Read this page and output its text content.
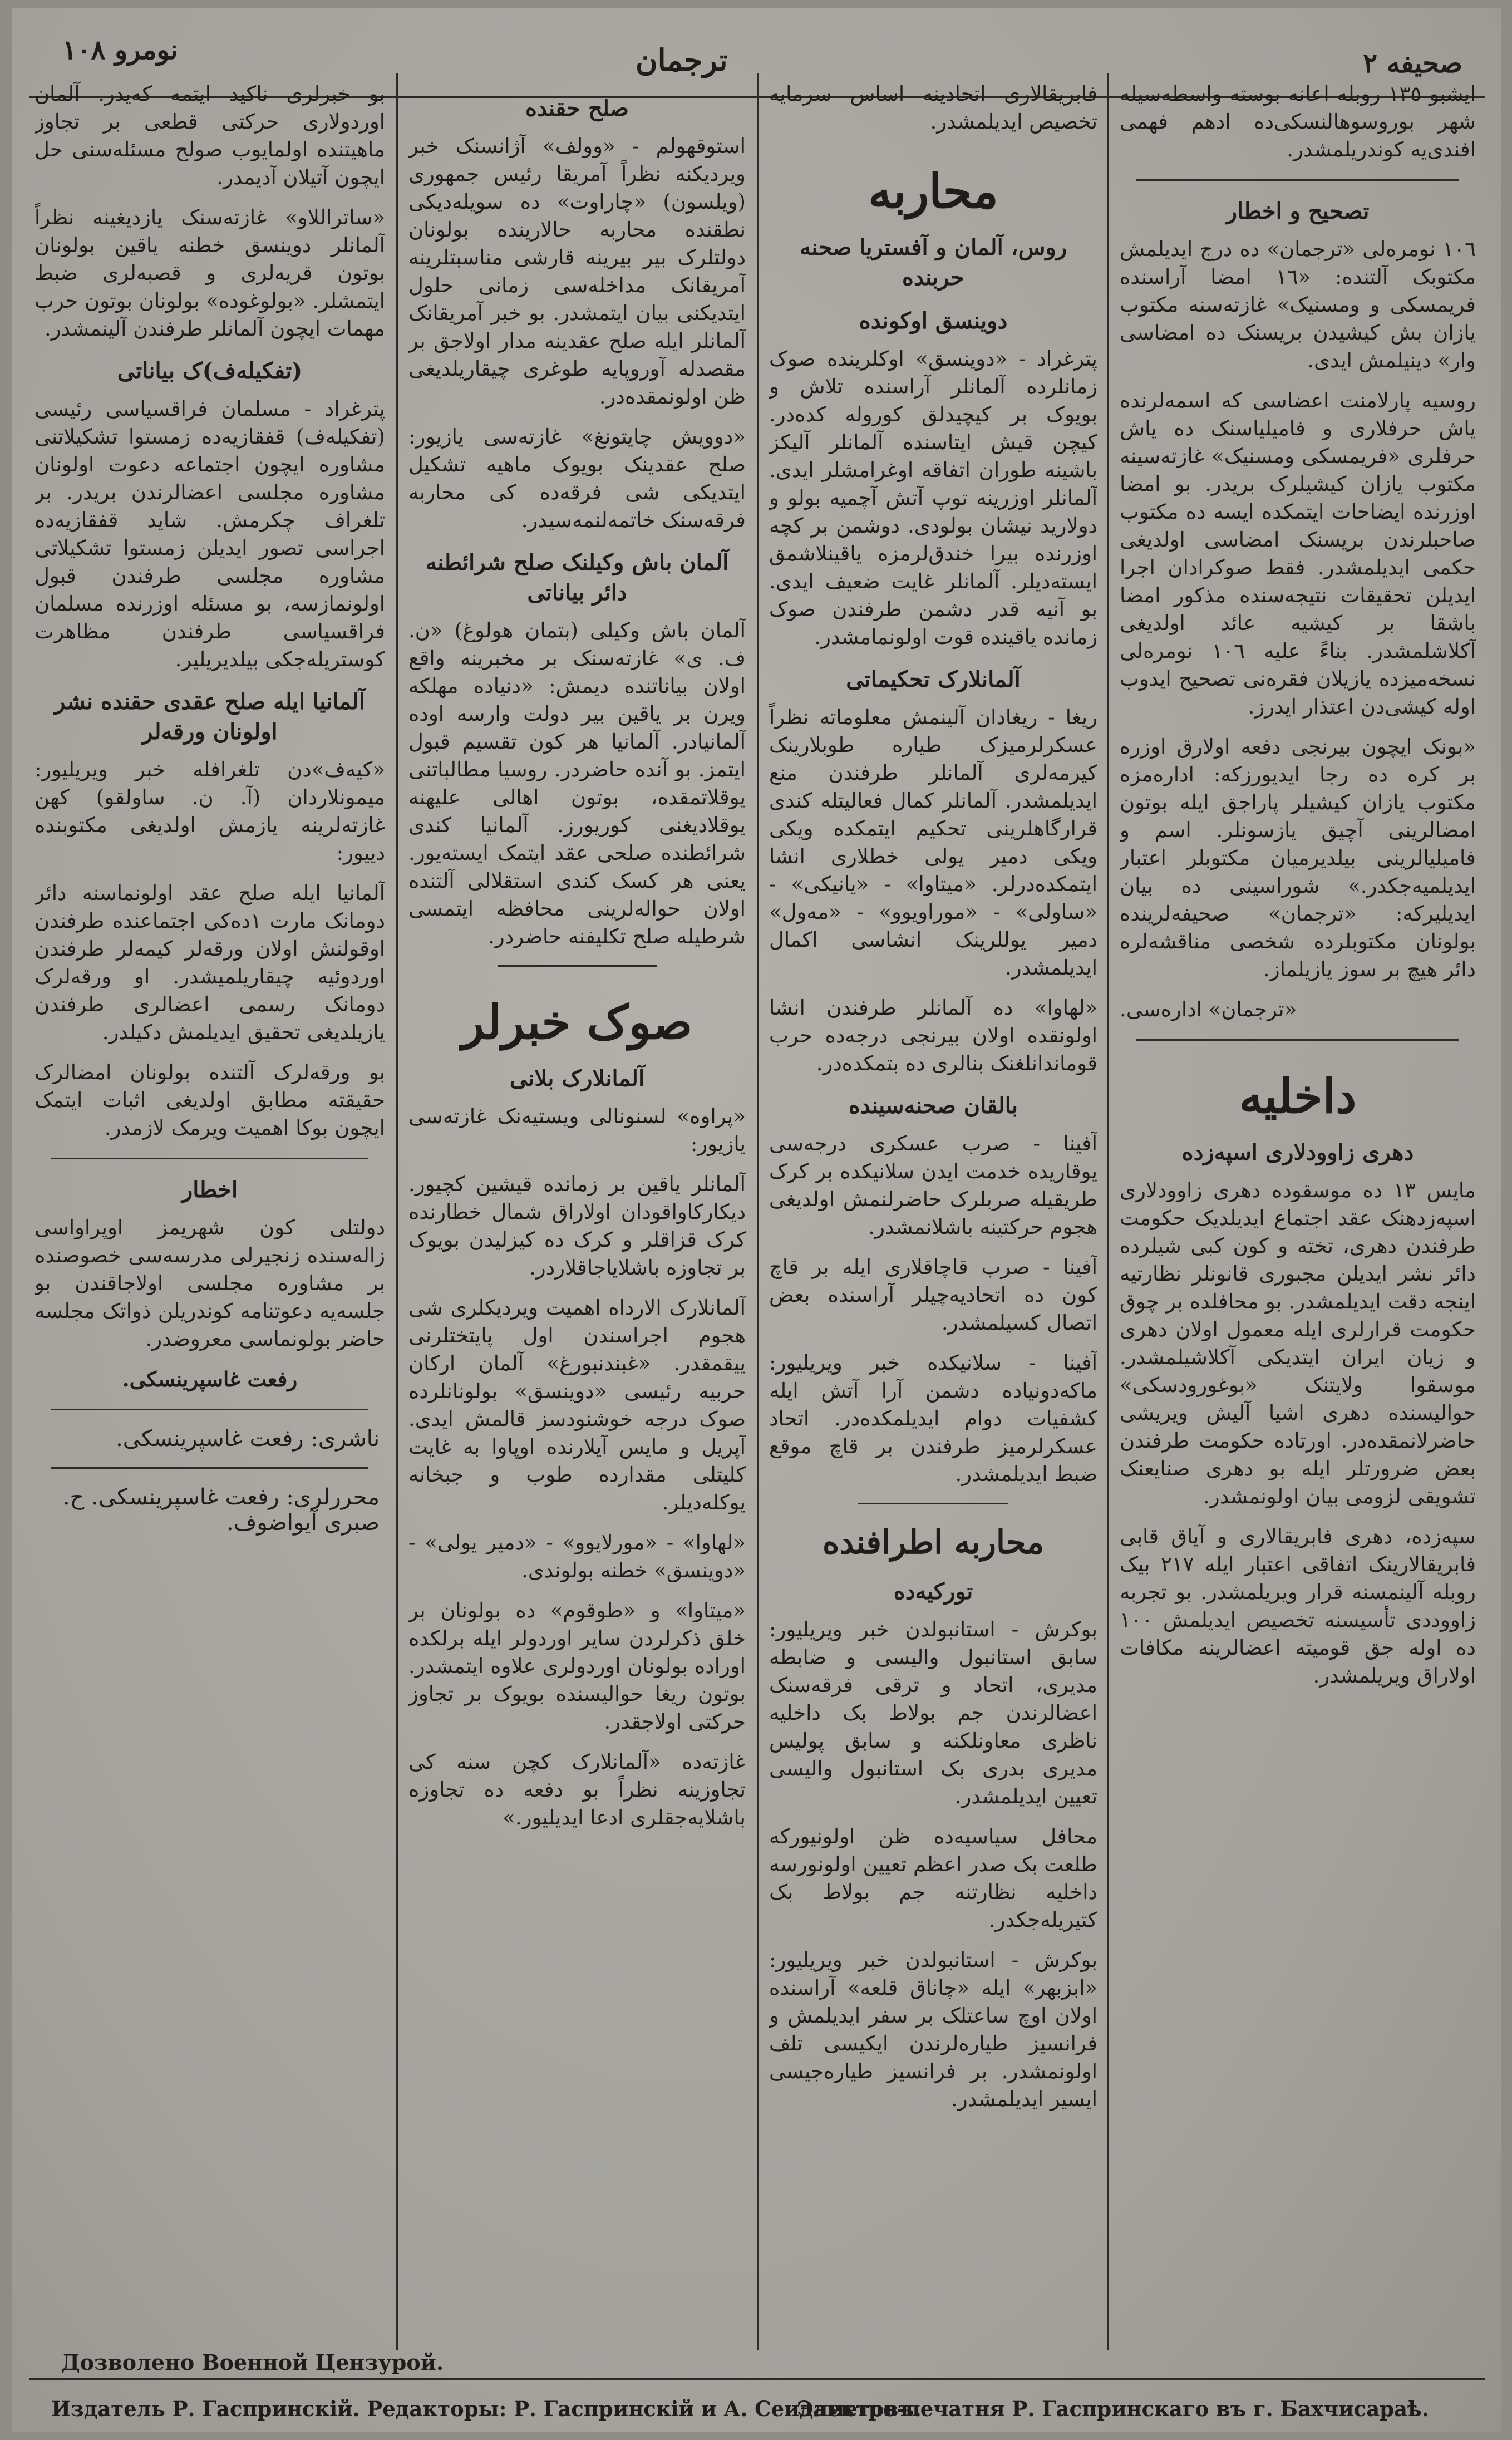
نومرو ١٠٨	ترجمان	صحیفه ٢

ایشبو ١٣٥ روبله اعانه بوسته واسطه‌سیله شهر بوروسوهالنسکی‌ده ادهم فهمی افندی‌یه کوندریلمشدر.

تصحیح و اخطار

١٠٦ نومره‌لی «ترجمان» ده درج ایدیلمش مکتوبک آلتنده: «١٦ امضا آراسنده فریمسکی و ومسنیک» غازته‌سنه مکتوب یازان بش کیشیدن بریسنک ده امضاسی وار» دینیلمش ایدی.

روسیه پارلامنت اعضاسی که اسمه‌لرنده یاش حرفلاری و فامیلیاسنک ده یاش حرفلری «فریمسکی ومسنیک» غازته‌سینه مکتوب یازان کیشیلرک بریدر. بو امضا اوزرنده ایضاحات ایتمکده ایسه ده مکتوب صاحبلرندن بریسنک امضاسی اولدیغی حکمی ایدیلمشدر. فقط صوکرادان اجرا ایدیلن تحقیقات نتیجه‌سنده مذکور امضا باشقا بر کیشیه عائد اولدیغی آکلاشلمشدر. بناءً علیه ١٠٦ نومره‌لی نسخه‌میزده یازیلان فقره‌نی تصحیح ایدوب اوله کیشی‌دن اعتذار ایدرز.

«بونک ایچون بیرنجی دفعه اولارق اوزره بر کره ده رجا ایدیورزکه: اداره‌مزه مکتوب یازان کیشیلر پاراجق ایله بوتون امضالرینی آچیق یازسونلر. اسم و فامیلیالرینی بیلدیرمیان مکتوبلر اعتبار ایدیلمیه‌جکدر.» شوراسینی ده بیان ایدیلیرکه: «ترجمان» صحیفه‌لرینده بولونان مکتوبلرده شخصی مناقشه‌لره دائر هیچ بر سوز یازیلماز.

«ترجمان» اداره‌سی.

داخلیه
دهری زاوودلاری اسپه‌زده

مایس ١٣ ده موسقوده دهری زاوودلاری اسپه‌زدهنک عقد اجتماع ایدیلدیک حکومت طرفندن دهری، تخته و کون کبی شیلرده دائر نشر ایدیلن مجبوری قانونلر نظارتیه اینجه دقت ایدیلمشدر. بو محافلده بر چوق حکومت قرارلری ایله معمول اولان دهری و زیان ایران ایتدیکی آکلاشیلمشدر. موسقوا ولایتنک «بوغورودسکی» حوالیسنده دهری اشیا آلیش ویریشی حاضرلانمقده‌در. اورتاده حکومت طرفندن بعض ضرورتلر ایله بو دهری صنایعنک تشویقی لزومی بیان اولونمشدر.

سپه‌زده، دهری فابریقالاری و آیاق قابی فابریقالارینک اتفاقی اعتبار ایله ٢١٧ بیک روبله آلینمسنه قرار ویریلمشدر. بو تجربه زاووددی تأسیسنه تخصیص ایدیلمش ١٠٠ ده اوله جق قومیته اعضالرینه مکافات اولاراق ویریلمشدر.

فابریقالاری اتحادینه اساس سرمایه تخصیص ایدیلمشدر.

محاربه
روس، آلمان و آفستریا صحنه حربنده
دوینسق اوکونده

پترغراد - «دوینسق» اوکلرینده صوک زمانلرده آلمانلر آراسنده تلاش و بویوک بر کیچیدلق کوروله کده‌در. کیچن قیش ایتاسنده آلمانلر آلیکز باشینه طوران اتفاقه اوغرامشلر ایدی. آلمانلر اوزرینه توپ آتش آچمیه بولو و دولارید نیشان بولودی. دوشمن بر کچه اوزرنده بیرا خندق‌لرمزه یاقینلاشمق ایسته‌دیلر. آلمانلر غایت ضعیف ایدی. بو آنیه قدر دشمن طرفندن صوک زمانده یاقینده قوت اولونمامشدر.

آلمانلارک تحکیماتی

ریغا - ریغادان آلینمش معلوماته نظراً عسکرلرمیزک طیاره طوبلارینک کیرمه‌لری آلمانلر طرفندن منع ایدیلمشدر. آلمانلر کمال فعالیتله کندی قرارگاهلرینی تحکیم ایتمکده ویکی ویکی دمیر یولی خطلاری انشا ایتمکده‌درلر. «میتاوا» - «یانیکی» - «ساولی» - «موراویوو» - «مه‌ول» دمیر یوللرینک انشاسی اکمال ایدیلمشدر.

«لهاوا» ده آلمانلر طرفندن انشا اولونقده اولان بیرنجی درجه‌ده حرب قوماندانلغنک بنالری ده بتمکده‌در.

بالقان صحنه‌سینده

آفینا - صرب عسکری درجه‌سی یوقاریده خدمت ایدن سلانیکده بر کرک طریقیله صربلرک حاضرلنمش اولدیغی هجوم حرکتینه باشلانمشدر.

آفینا - صرب قاچاقلاری ایله بر قاچ کون ده اتحادیه‌چیلر آراسنده بعض اتصال کسیلمشدر.

آفینا - سلانیکده خبر ویریلیور: ماکه‌دونیاده دشمن آرا آتش ایله کشفیات دوام ایدیلمکده‌در. اتحاد عسکرلرمیز طرفندن بر قاچ موقع ضبط ایدیلمشدر.

محاربه اطرافنده
تورکیه‌ده

بوکرش - استانبولدن خبر ویریلیور: سابق استانبول والیسی و ضابطه مدیری، اتحاد و ترقی فرقه‌سنک اعضالرندن جم بولاط بک داخلیه ناظری معاونلکنه و سابق پولیس مدیری بدری بک استانبول والیسی تعیین ایدیلمشدر.

محافل سیاسیه‌ده ظن اولونیورکه طلعت بک صدر اعظم تعیین اولونورسه داخلیه نظارتنه جم بولاط بک کتیریله‌جکدر.

بوکرش - استانبولدن خبر ویریلیور: «ابزبهر» ایله «چاناق قلعه» آراسنده اولان اوچ ساعتلک بر سفر ایدیلمش و فرانسیز طیاره‌لرندن ایکیسی تلف اولونمشدر. بر فرانسیز طیاره‌جیسی ایسیر ایدیلمشدر.

صلح حقنده

استوقهولم - «وولف» آژانسنک خبر ویردیکنه نظراً آمریقا رئیس جمهوری (ویلسون) «چاراوت» ده سویله‌دیکی نطقنده محاربه حالارینده بولونان دولتلرک بیر بیرینه قارشی مناسبتلرینه آمریقانک مداخله‌سی زمانی حلول ایتدیکنی بیان ایتمشدر. بو خبر آمریقانک آلمانلر ایله صلح عقدینه مدار اولاجق بر مقصدله آوروپایه طوغری چیقاریلدیغی ظن اولونمقده‌در.

«دوویش چایتونغ» غازته‌سی یازیور: صلح عقدینک بویوک ماهیه تشکیل ایتدیکی شی فرقه‌ده کی محاربه فرقه‌سنک خاتمه‌لنمه‌سیدر.

آلمان باش وکیلنک صلح شرائطنه دائر بیاناتی

آلمان باش وکیلی (بتمان هولوغ) «ن. ف. ی» غازته‌سنک بر مخبرینه واقع اولان بیاناتنده دیمش: «دنیاده مهلکه ویرن بر یاقین بیر دولت وارسه اوده آلمانیادر. آلمانیا هر کون تقسیم قبول ایتمز. بو آنده حاضردر. روسیا مطالباتنی یوقلاتمقده، بوتون اهالی علیهنه یوقلادیغنی کوریورز. آلمانیا کندی شرائطنده صلحی عقد ایتمک ایسته‌یور. یعنی هر کسک کندی استقلالی آلتنده اولان حواله‌لرینی محافظه ایتمسی شرطیله صلح تکلیفنه حاضردر.

صوک خبرلر
آلمانلارک بلانی

«پراوه» لسنونالی ویستیه‌نک غازته‌سی یازیور:

آلمانلر یاقین بر زمانده قیشین کچیور. دیکارکاواقودان اولاراق شمال خطارنده کرک قزاقلر و کرک ده کیزلیدن بویوک بر تجاوزه باشلایاجاقلاردر.

آلمانلارک الارداه اهمیت ویردیکلری شی هجوم اجراسندن اول پایتختلرنی ییقمقدر. «غبندنبورغ» آلمان ارکان حربیه رئیسی «دوینسق» بولونانلرده صوک درجه خوشنودسز قالمش ایدی. آپریل و مایس آیلارنده اوپاوا به غایت کلیتلی مقدارده طوب و جبخانه یوکله‌دیلر.

«لهاوا» - «مورلایوو» - «دمیر یولی» - «دوینسق» خطنه بولوندی.

«میتاوا» و «طوقوم» ده بولونان بر خلق ذکرلردن سایر اوردولر ایله برلکده اوراده بولونان اوردولری علاوه ایتمشدر. بوتون ریغا حوالیسنده بویوک بر تجاوز حرکتی اولاجقدر.

غازته‌ده «آلمانلارک کچن سنه کی تجاوزینه نظراً بو دفعه ده تجاوزه باشلایه‌جقلری ادعا ایدیلیور.»

بو خبرلری ناکید ایتمه ‌که‌یدر. آلمان اوردولاری حرکتی قطعی بر تجاوز ماهیتنده اولمایوب صولح مسئله‌سنی حل ایچون آتیلان آدیمدر.

«ساتراللاو» غازته‌سنک یازدیغینه نظراً آلمانلر دوینسق خطنه یاقین بولونان بوتون قریه‌لری و قصبه‌لری ضبط ایتمشلر. «بولوغوده» بولونان بوتون حرب مهمات ایچون آلمانلر طرفندن آلینمشدر.

(تفکیله‌ف)‌ک بیاناتی

پترغراد - مسلمان فراقسیاسی رئیسی (تفکیله‌ف) قفقازیه‌ده زمستوا تشکیلاتنی مشاوره ایچون اجتماعه دعوت اولونان مشاوره مجلسی اعضالرندن بریدر. بر تلغراف چکرمش. شاید قفقازیه‌ده اجراسی تصور ایدیلن زمستوا تشکیلاتی مشاوره مجلسی طرفندن قبول اولونمازسه، بو مسئله اوزرنده مسلمان فراقسیاسی طرفندن مظاهرت کوستریله‌جکی بیلدیریلیر.

آلمانیا ایله صلح عقدی حقنده نشر اولونان ورقه‌لر

«کیه‌ف»‌دن تلغرافله خبر ویریلیور: میمونلاردان (آ. ن. ساولقو) کهن غازته‌لرینه یازمش اولدیغی مکتوبنده دییور:

آلمانیا ایله صلح عقد اولونماسنه دائر دومانک مارت ١ده‌کی اجتماعنده طرفندن اوقولنش اولان ورقه‌لر کیمه‌لر طرفندن اوردوئیه چیقاریلمیشدر. او ورقه‌لرک دومانک رسمی اعضالری طرفندن یازیلدیغی تحقیق ایدیلمش دکیلدر.

بو ورقه‌لرک آلتنده بولونان امضالرک حقیقته مطابق اولدیغی اثبات ایتمک ایچون بوکا اهمیت ویرمک لازمدر.

اخطار

دولتلی کون شهریمز اوپراواسی زاله‌سنده زنجیرلی مدرسه‌سی خصوصنده بر مشاوره مجلسی اولاجاقندن بو جلسه‌یه دعوتنامه کوندریلن ذواتک مجلسه حاضر بولونماسی معروضدر.

رفعت غاسپرینسکی.

ناشری: رفعت غاسپرینسکی.
محررلری: رفعت غاسپرینسکی. ح. صبری آیواضوف.
Дозволено Военной Цензурой.
Издатель Р. Гаспринскій. Редакторы: Р. Гаспринскій и А. Сеидаметовъ.
Электро-печатня Р. Гаспринскаго въ г. Бахчисараѣ.
